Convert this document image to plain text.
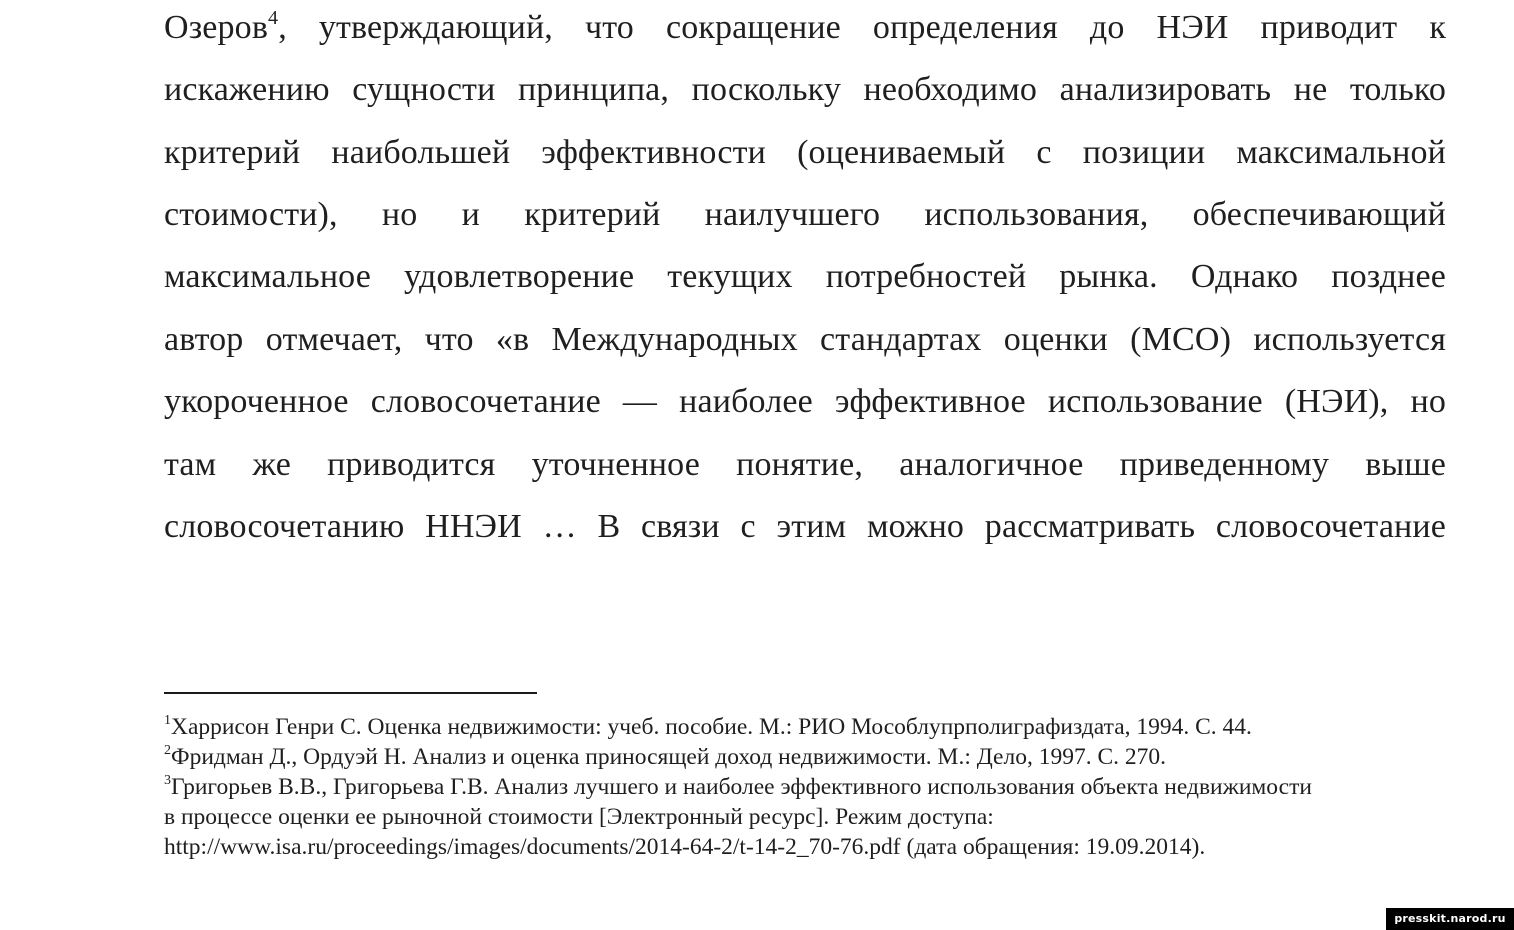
Озеров$^4$, утверждающий, что сокращение определения до НЭИ приводит к
искажению сущности принципа, поскольку необходимо анализировать не только
критерий наибольшей эффективности (оцениваемый с позиции максимальной
стоимости), но и критерий наилучшего использования, обеспечивающий
максимальное удовлетворение текущих потребностей рынка. Однако позднее
автор отмечает, что «в Международных стандартах оценки (МСО) используется
укороченное словосочетание — наиболее эффективное использование (НЭИ), но
там же приводится уточненное понятие, аналогичное приведенному выше
словосочетанию ННЭИ … В связи с этим можно рассматривать словосочетание
$^1$Харрисон Генри С. Оценка недвижимости: учеб. пособие. М.: РИО Мособлупрполиграфиздата, 1994. С. 44.
$^2$Фридман Д., Ордуэй Н. Анализ и оценка приносящей доход недвижимости. М.: Дело, 1997. С. 270.
$^3$Григорьев В.В., Григорьева Г.В. Анализ лучшего и наиболее эффективного использования объекта недвижимости
в процессе оценки ее рыночной стоимости [Электронный ресурс]. Режим доступа:
http://www.isa.ru/proceedings/images/documents/2014-64-2/t-14-2_70-76.pdf (дата обращения: 19.09.2014).
presskit.narod.ru
